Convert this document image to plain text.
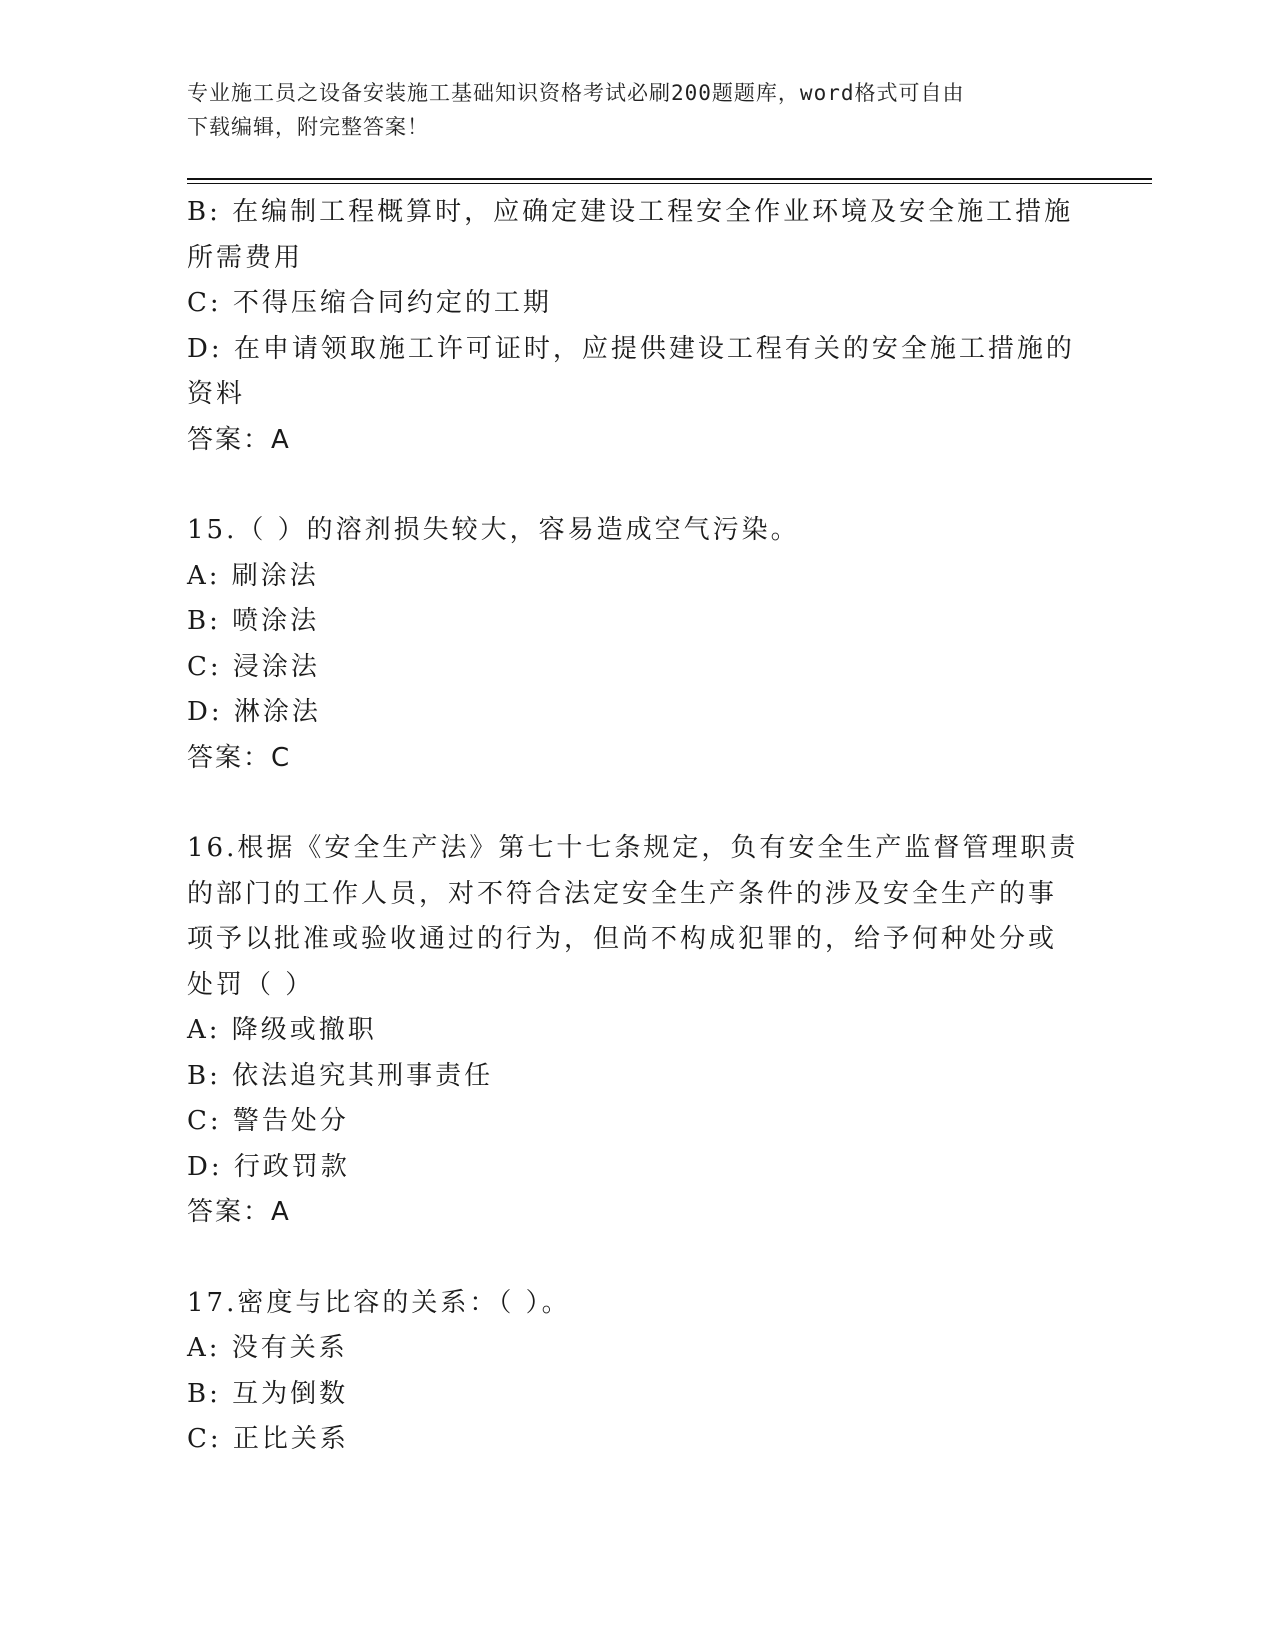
专业施工员之设备安装施工基础知识资格考试必刷200题题库，word格式可自由
下载编辑，附完整答案！
B: 在编制工程概算时，应确定建设工程安全作业环境及安全施工措施
所需费用
C: 不得压缩合同约定的工期
D: 在申请领取施工许可证时，应提供建设工程有关的安全施工措施的
资料
答案：A
15.（ ）的溶剂损失较大，容易造成空气污染。
A: 刷涂法
B: 喷涂法
C: 浸涂法
D: 淋涂法
答案：C
16.根据《安全生产法》第七十七条规定，负有安全生产监督管理职责
的部门的工作人员，对不符合法定安全生产条件的涉及安全生产的事
项予以批准或验收通过的行为，但尚不构成犯罪的，给予何种处分或
处罚（ ）
A: 降级或撤职
B: 依法追究其刑事责任
C: 警告处分
D: 行政罚款
答案：A
17.密度与比容的关系：（ ）。
A: 没有关系
B: 互为倒数
C: 正比关系
